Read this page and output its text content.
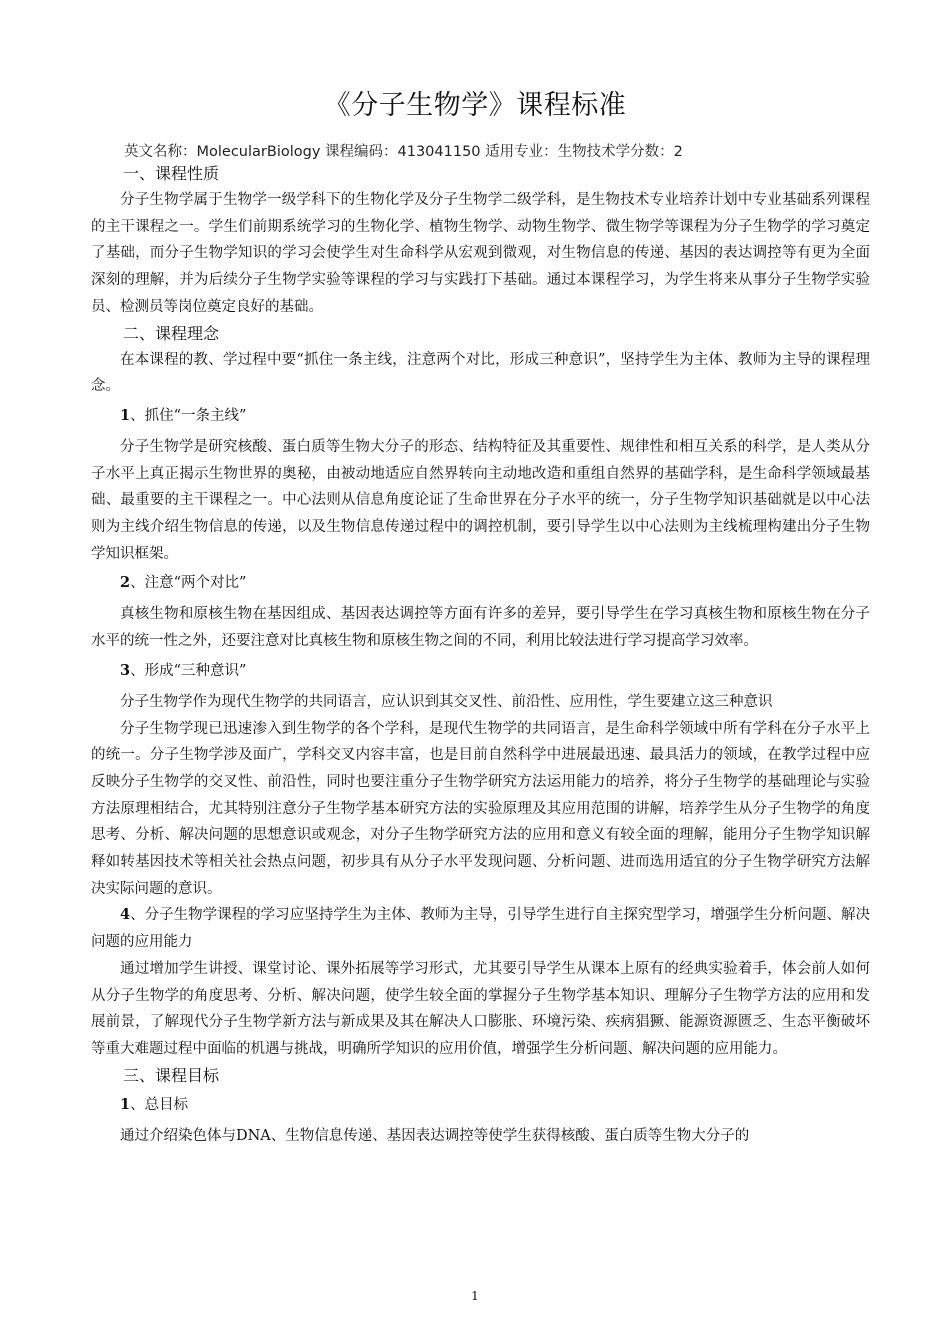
《分子生物学》课程标准
英文名称：MolecularBiology 课程编码：413041150 适用专业：生物技术学分数：2
一、课程性质

分子生物学属于生物学一级学科下的生物化学及分子生物学二级学科，是生物技术专业培养计划中专业基础系列课程的主干课程之一。学生们前期系统学习的生物化学、植物生物学、动物生物学、微生物学等课程为分子生物学的学习奠定了基础，而分子生物学知识的学习会使学生对生命科学从宏观到微观，对生物信息的传递、基因的表达调控等有更为全面深刻的理解，并为后续分子生物学实验等课程的学习与实践打下基础。通过本课程学习，为学生将来从事分子生物学实验员、检测员等岗位奠定良好的基础。

二、课程理念

在本课程的教、学过程中要“抓住一条主线，注意两个对比，形成三种意识”，坚持学生为主体、教师为主导的课程理念。

1、抓住“一条主线”

分子生物学是研究核酸、蛋白质等生物大分子的形态、结构特征及其重要性、规律性和相互关系的科学，是人类从分子水平上真正揭示生物世界的奥秘，由被动地适应自然界转向主动地改造和重组自然界的基础学科，是生命科学领域最基础、最重要的主干课程之一。中心法则从信息角度论证了生命世界在分子水平的统一，分子生物学知识基础就是以中心法则为主线介绍生物信息的传递，以及生物信息传递过程中的调控机制，要引导学生以中心法则为主线梳理构建出分子生物学知识框架。

2、注意“两个对比”

真核生物和原核生物在基因组成、基因表达调控等方面有许多的差异，要引导学生在学习真核生物和原核生物在分子水平的统一性之外，还要注意对比真核生物和原核生物之间的不同，利用比较法进行学习提高学习效率。

3、形成“三种意识”

分子生物学作为现代生物学的共同语言，应认识到其交叉性、前沿性、应用性，学生要建立这三种意识

分子生物学现已迅速渗入到生物学的各个学科，是现代生物学的共同语言，是生命科学领域中所有学科在分子水平上的统一。分子生物学涉及面广，学科交叉内容丰富，也是目前自然科学中进展最迅速、最具活力的领域，在教学过程中应反映分子生物学的交叉性、前沿性，同时也要注重分子生物学研究方法运用能力的培养，将分子生物学的基础理论与实验方法原理相结合，尤其特别注意分子生物学基本研究方法的实验原理及其应用范围的讲解，培养学生从分子生物学的角度思考、分析、解决问题的思想意识或观念，对分子生物学研究方法的应用和意义有较全面的理解，能用分子生物学知识解释如转基因技术等相关社会热点问题，初步具有从分子水平发现问题、分析问题、进而选用适宜的分子生物学研究方法解决实际问题的意识。

4、分子生物学课程的学习应坚持学生为主体、教师为主导，引导学生进行自主探究型学习，增强学生分析问题、解决问题的应用能力

通过增加学生讲授、课堂讨论、课外拓展等学习形式，尤其要引导学生从课本上原有的经典实验着手，体会前人如何从分子生物学的角度思考、分析、解决问题，使学生较全面的掌握分子生物学基本知识、理解分子生物学方法的应用和发展前景，了解现代分子生物学新方法与新成果及其在解决人口膨胀、环境污染、疾病猖獗、能源资源匮乏、生态平衡破坏等重大难题过程中面临的机遇与挑战，明确所学知识的应用价值，增强学生分析问题、解决问题的应用能力。

三、课程目标
1、总目标

通过介绍染色体与DNA、生物信息传递、基因表达调控等使学生获得核酸、蛋白质等生物大分子的

1
